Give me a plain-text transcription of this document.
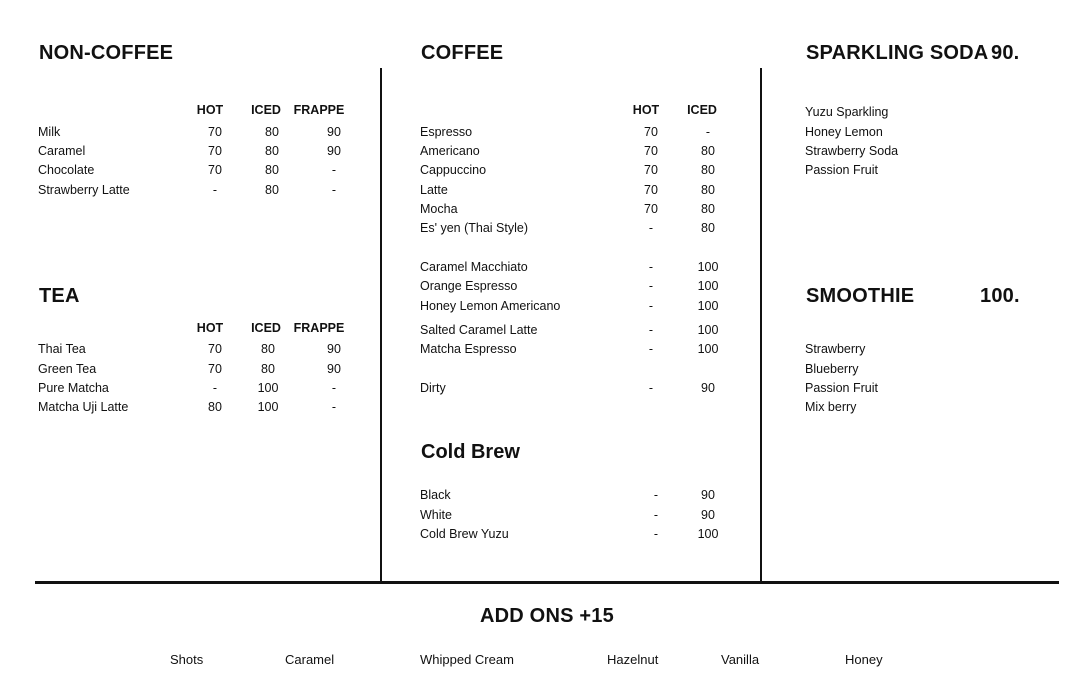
NON-COFFEE
HOT	ICED	FRAPPE
Milk	70	80	90
Caramel	70	80	90
Chocolate	70	80	-
Strawberry Latte	-	80	-
TEA
HOT	ICED	FRAPPE
Thai Tea	70	80	90
Green Tea	70	80	90
Pure Matcha	-	100	-
Matcha Uji Latte	80	100	-
COFFEE
HOT	ICED
Espresso	70	-
Americano	70	80
Cappuccino	70	80
Latte	70	80
Mocha	70	80
Es' yen (Thai Style)	-	80
Caramel Macchiato	-	100
Orange Espresso	-	100
Honey Lemon Americano	-	100
Salted Caramel Latte	-	100
Matcha Espresso	-	100
Dirty	-	90
Cold Brew
Black	-	90
White	-	90
Cold Brew Yuzu	-	100
SPARKLING SODA 90.
Yuzu Sparkling
Honey Lemon
Strawberry Soda
Passion Fruit
SMOOTHIE	100.
Strawberry
Blueberry
Passion Fruit
Mix berry
ADD ONS +15
Shots	Caramel	Whipped Cream	Hazelnut	Vanilla	Honey
